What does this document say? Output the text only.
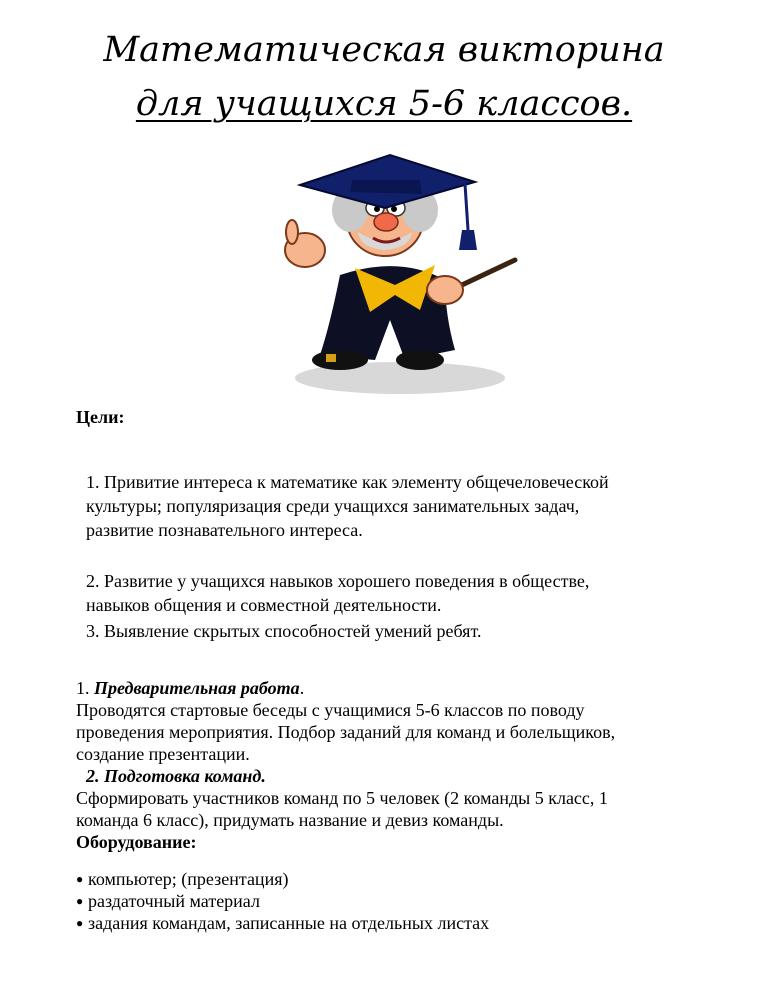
Математическая викторина
для учащихся 5-6 классов.
Цели:
1. Привитие интереса к математике как элементу общечеловеческой
культуры; популяризация среди учащихся занимательных задач,
развитие познавательного интереса.
2. Развитие у учащихся навыков хорошего поведения в обществе,
навыков общения и совместной деятельности.
3. Выявление скрытых способностей умений ребят.
1. Предварительная работа.
Проводятся стартовые беседы с учащимися 5-6 классов по поводу
проведения мероприятия. Подбор заданий для команд и болельщиков,
создание презентации.
2. Подготовка команд.
Сформировать участников команд по 5 человек (2 команды 5 класс, 1
команда 6 класс), придумать название и девиз команды.
Оборудование:
● компьютер; (презентация)
● раздаточный материал
● задания командам, записанные на отдельных листах
